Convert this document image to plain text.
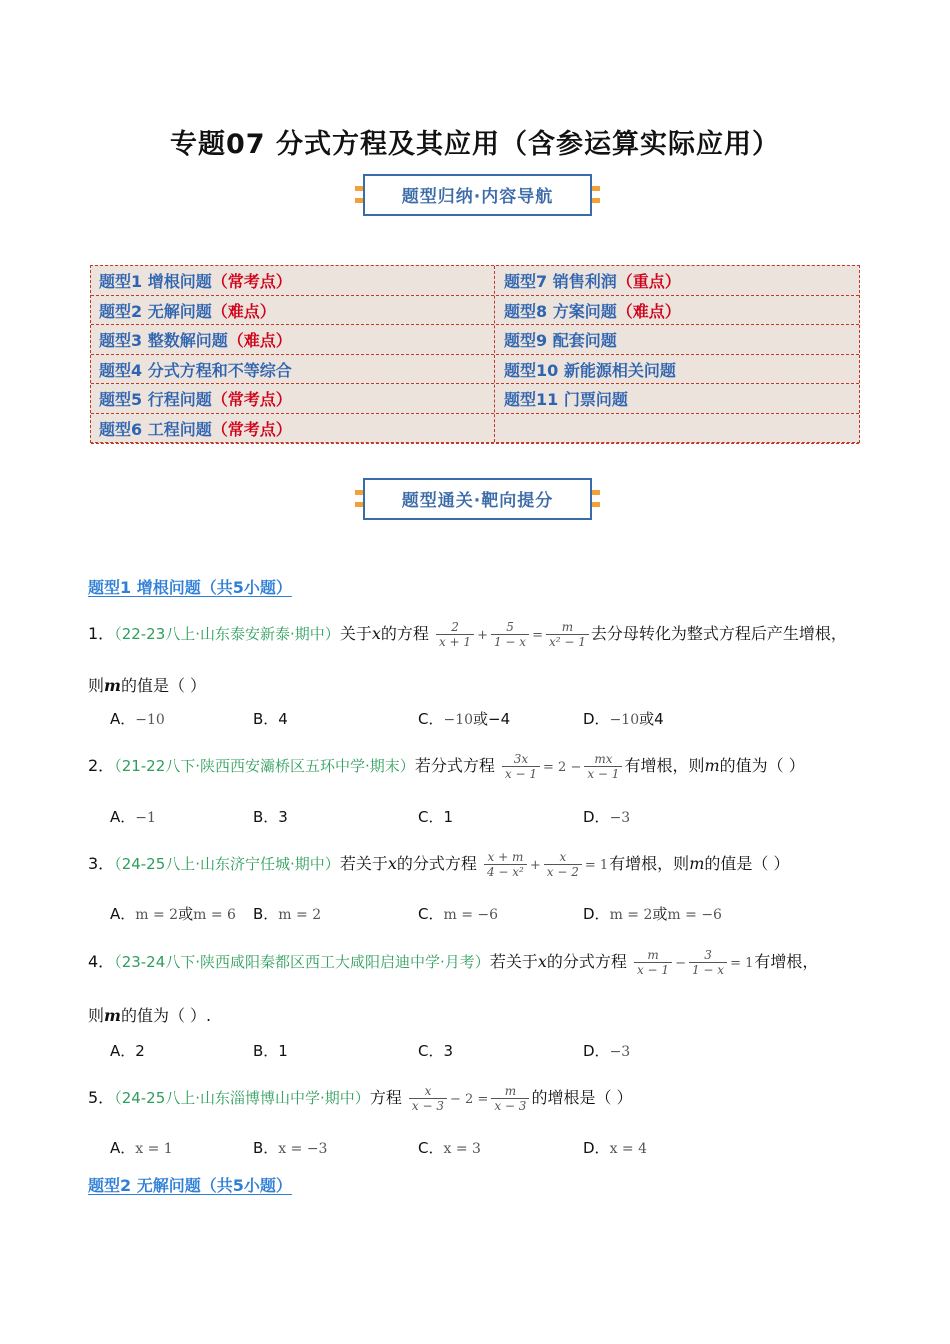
专题07 分式方程及其应用（含参运算实际应用）
题型归纳·内容导航
题型1 增根问题（常考点）	题型7 销售利润（重点）
题型2 无解问题（难点）	题型8 方案问题（难点）
题型3 整数解问题（难点）	题型9 配套问题
题型4 分式方程和不等综合	题型10 新能源相关问题
题型5 行程问题（常考点）	题型11 门票问题
题型6 工程问题（常考点）
题型通关·靶向提分
题型1 增根问题（共5小题）
1．（22-23八上·山东泰安新泰·期中）关于x的方程 $\frac{2}{x + 1} + \frac{5}{1 - x} = \frac{m}{\text{x² − 1}}$ 去分母转化为整式方程后产生增根，
则m的值是（ ）
A．−10	B．4	C．−10或−4	D．−10或4
2．（21-22八下·陕西西安灞桥区五环中学·期末）若分式方程 $\frac{3x}{x - 1} = 2 - \frac{mx}{x - 1}$ 有增根，则m的值为（ ）
A．−1	B．3	C．1	D．−3
3．（24-25八上·山东济宁任城·期中）若关于x的分式方程 $\frac{x + m}{\text{4 − x²}} + \frac{x}{x - 2} = 1$有增根，则m的值是（ ）
A．m = 2或m = 6 B．m = 2	C．m = −6	D．m = 2或m = −6
4．（23-24八下·陕西咸阳秦都区西工大咸阳启迪中学·月考）若关于x的分式方程 $\frac{m}{x - 1} - \frac{3}{1 - x} = 1$有增根，
则m的值为（ ）.
A．2	B．1	C．3	D．−3
5．（24-25八上·山东淄博博山中学·期中）方程 $\frac{x}{x - 3} - 2 = \frac{m}{x - 3}$ 的增根是（ ）
A．x = 1	B．x = −3	C．x = 3	D．x = 4
题型2 无解问题（共5小题）
